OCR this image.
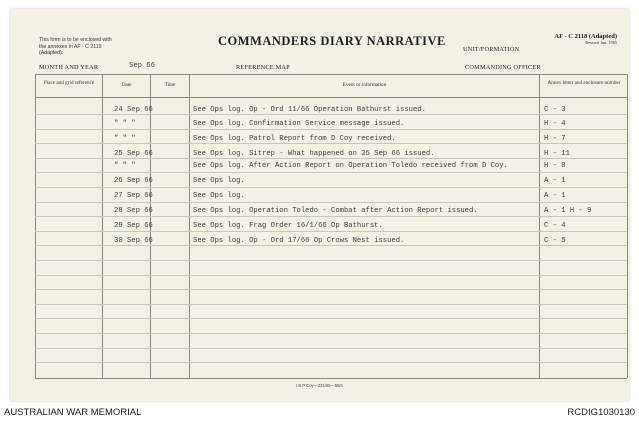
This form is to be enclosed with the annexes in AF - C 2119 (Adapted).
COMMANDERS DIARY NARRATIVE	AF - C 2118 (Adapted)
Revised Jun. 1965
UNIT/FORMATION
MONTH AND YEAR	Sep 66	REFERENCE MAP	COMMANDING OFFICER
Place and grid reference	Date	Time	Event or information	Annex letter and enclosure number
24 Sep 66	See Ops log. Op - Ord 11/66 Operation Bathurst issued.	C - 3
" " "	See Ops log. Confirmation Service message issued.	H - 4
" " "	See Ops log. Patrol Report from D Coy received.	H - 7
25 Sep 66	See Ops log. Sitrep - What happened on 25 Sep 66 issued.	H - 11
" " "	See Ops log. After Action Report on Operation Toledo received from D Coy.	H - 8
26 Sep 66	See Ops log.	A - 1
27 Sep 66	See Ops log.	A - 1
28 Sep 66	See Ops log. Operation Toledo - Combat after Action Report issued.	A - 1 H - 9
29 Sep 66	See Ops log. Frag Order 16/1/66 Op Bathurst.	C - 4
30 Sep 66	See Ops log. Op - Ord 17/66 Op Crows Nest issued.	C - 5
I B P Coy—231/65—55m
AUSTRALIAN WAR MEMORIAL	RCDIG1030130
